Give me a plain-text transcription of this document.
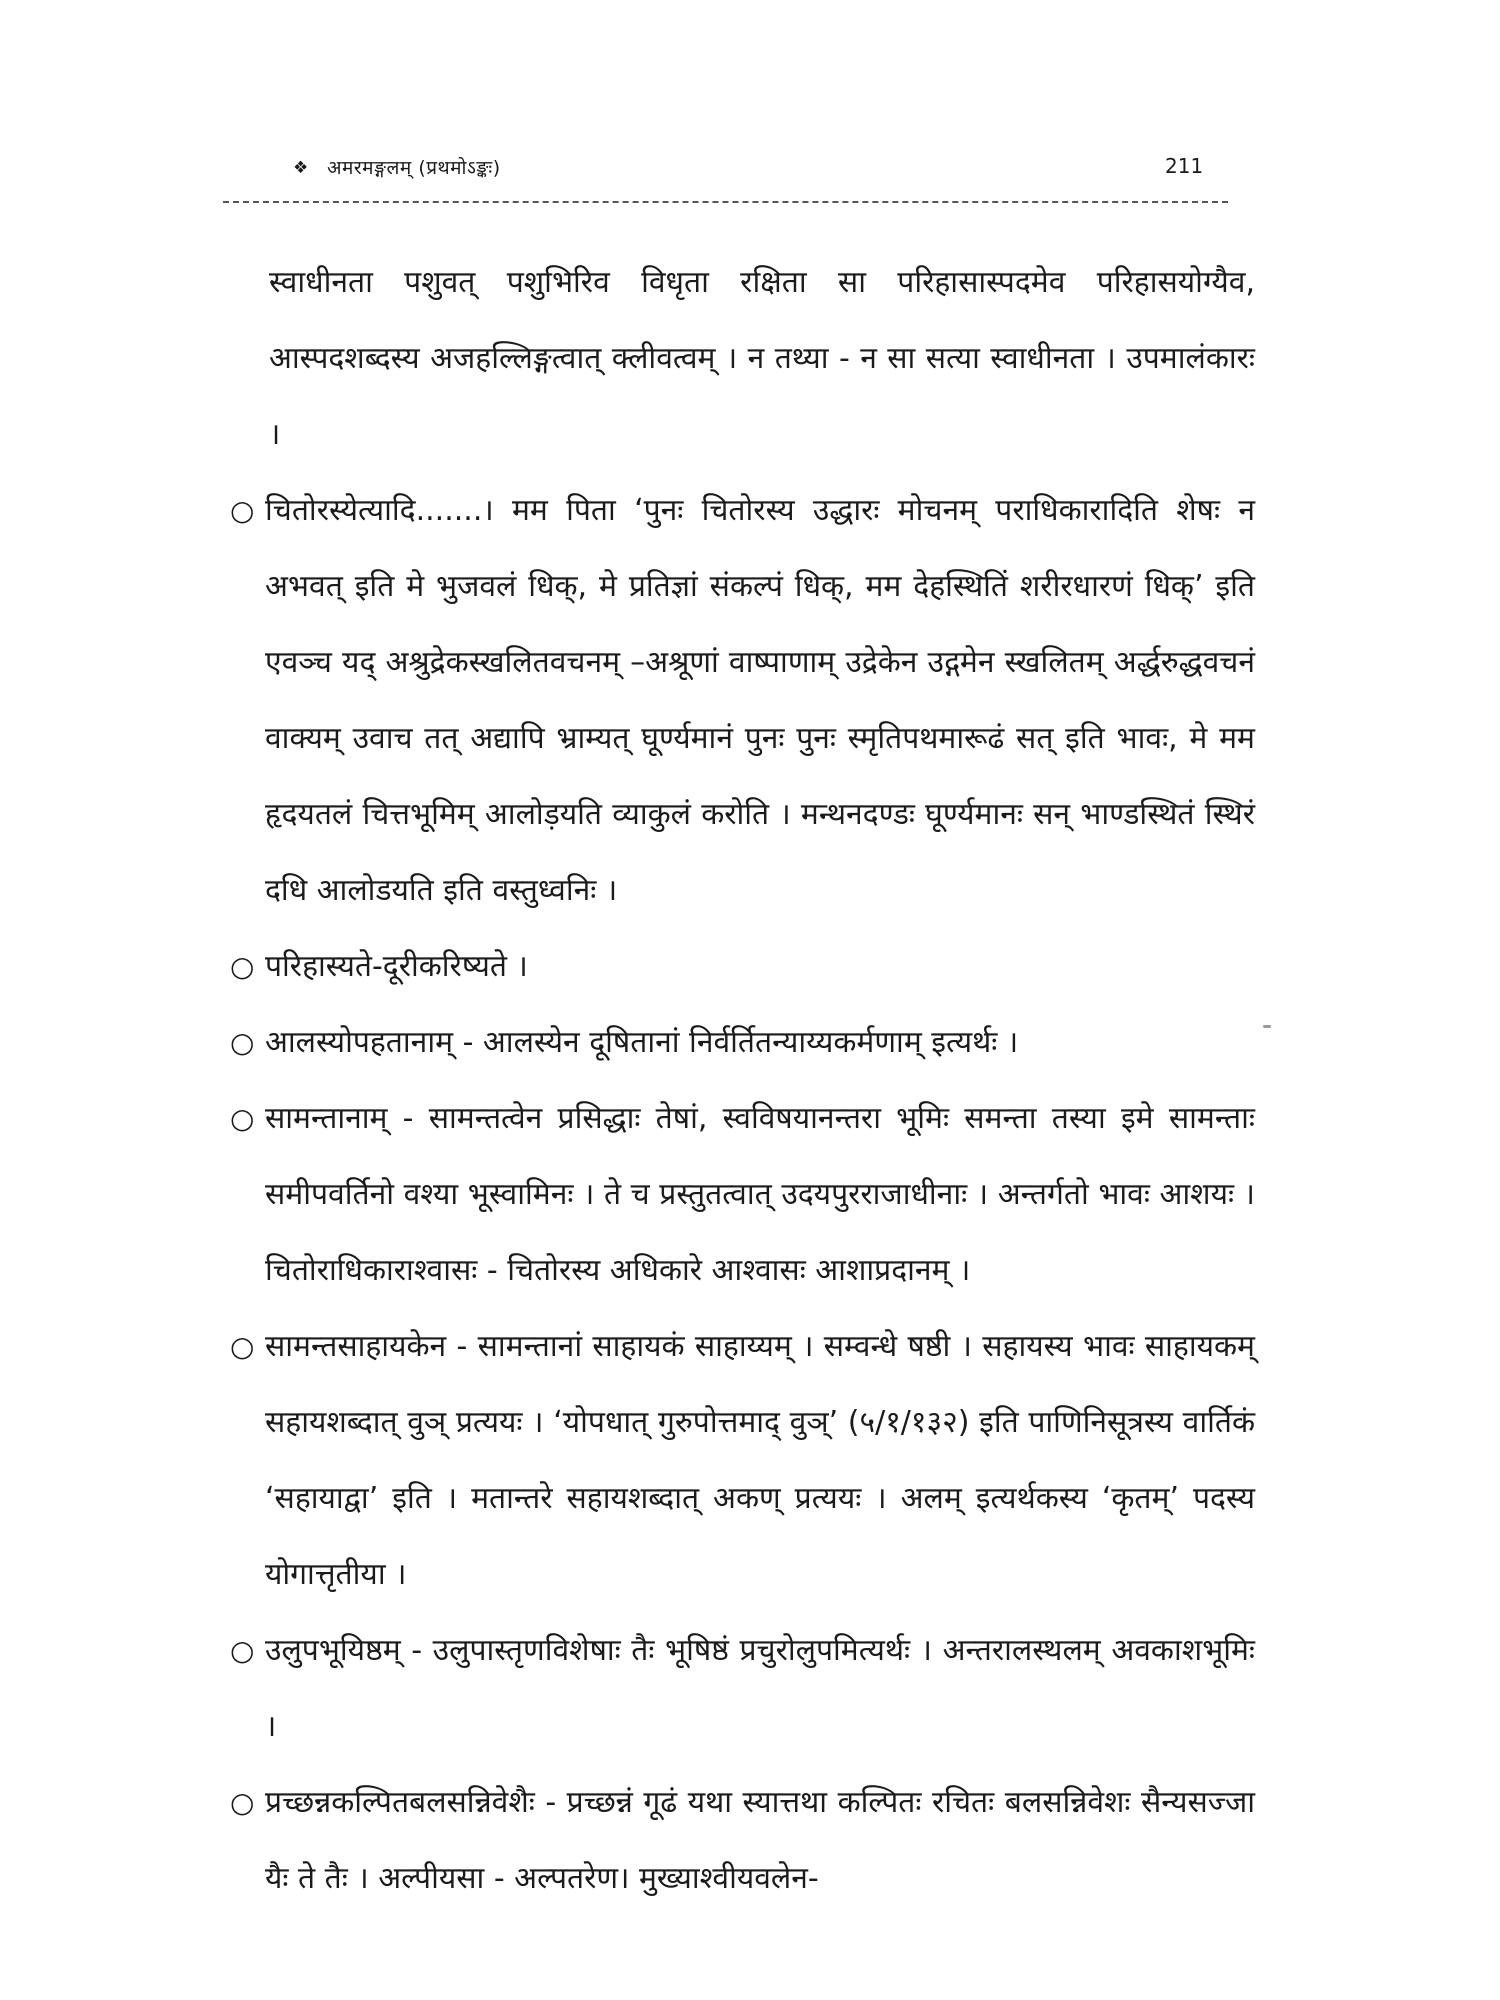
❖ अमरमङ्गलम् (प्रथमोऽङ्कः)	211
स्वाधीनता पशुवत् पशुभिरिव विधृता रक्षिता सा परिहासास्पदमेव परिहासयोग्यैव, आस्पदशब्दस्य अजहल्लिङ्गत्वात् क्लीवत्वम् । न तथ्या - न सा सत्या स्वाधीनता । उपमालंकारः ।
○ चितोरस्येत्यादि.......। मम पिता ‘पुनः चितोरस्य उद्धारः मोचनम् पराधिकारादिति शेषः न अभवत् इति मे भुजवलं धिक्, मे प्रतिज्ञां संकल्पं धिक्, मम देहस्थितिं शरीरधारणं धिक्’ इति एवञ्च यद् अश्रुद्रेकस्खलितवचनम् –अश्रूणां वाष्पाणाम् उद्रेकेन उद्गमेन स्खलितम् अर्द्धरुद्धवचनं वाक्यम् उवाच तत् अद्यापि भ्राम्यत् घूर्ण्यमानं पुनः पुनः स्मृतिपथमारूढं सत् इति भावः, मे मम हृदयतलं चित्तभूमिम् आलोड़यति व्याकुलं करोति । मन्थनदण्डः घूर्ण्यमानः सन् भाण्डस्थितं स्थिरं दधि आलोडयति इति वस्तुध्वनिः ।
○ परिहास्यते-दूरीकरिष्यते ।
○ आलस्योपहतानाम् - आलस्येन दूषितानां निर्वर्तितन्याय्यकर्मणाम् इत्यर्थः ।
○ सामन्तानाम् - सामन्तत्वेन प्रसिद्धाः तेषां, स्वविषयानन्तरा भूमिः समन्ता तस्या इमे सामन्ताः समीपवर्तिनो वश्या भूस्वामिनः । ते च प्रस्तुतत्वात् उदयपुरराजाधीनाः । अन्तर्गतो भावः आशयः । चितोराधिकाराश्वासः - चितोरस्य अधिकारे आश्वासः आशाप्रदानम् ।
○ सामन्तसाहायकेन - सामन्तानां साहायकं साहाय्यम् । सम्वन्धे षष्ठी । सहायस्य भावः साहायकम् सहायशब्दात् वुञ् प्रत्ययः । ‘योपधात् गुरुपोत्तमाद् वुञ्’ (५/१/१३२) इति पाणिनिसूत्रस्य वार्तिकं ‘सहायाद्वा’ इति । मतान्तरे सहायशब्दात् अकण् प्रत्ययः । अलम् इत्यर्थकस्य ‘कृतम्’ पदस्य योगात्तृतीया ।
○ उलुपभूयिष्ठम् - उलुपास्तृणविशेषाः तैः भूषिष्ठं प्रचुरोलुपमित्यर्थः । अन्तरालस्थलम् अवकाशभूमिः ।
○ प्रच्छन्नकल्पितबलसन्निवेशैः - प्रच्छन्नं गूढं यथा स्यात्तथा कल्पितः रचितः बलसन्निवेशः सैन्यसज्जा यैः ते तैः । अल्पीयसा - अल्पतरेण। मुख्याश्वीयवलेन-
